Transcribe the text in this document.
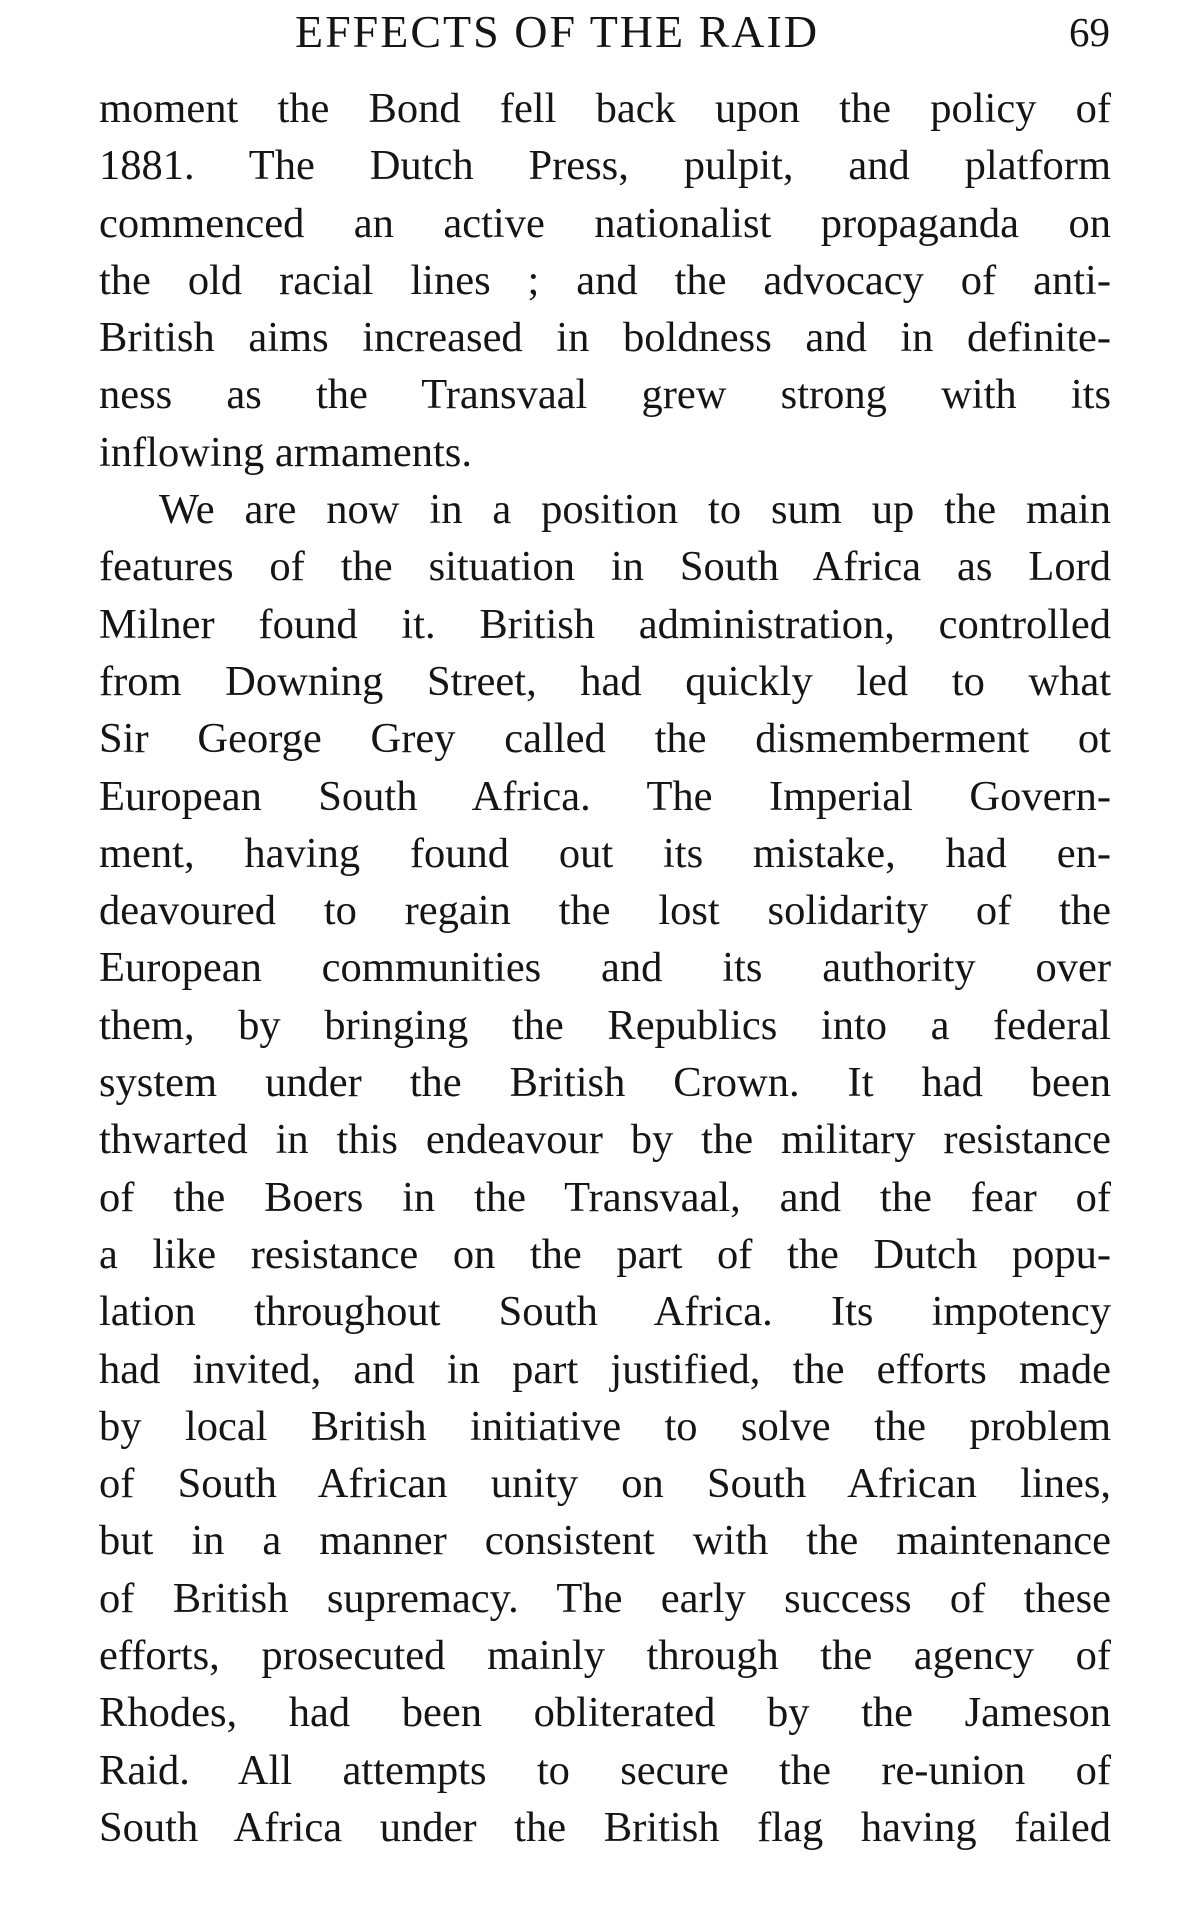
EFFECTS OF THE RAID	69
moment the Bond fell back upon the policy of
1881. The Dutch Press, pulpit, and platform
commenced an active nationalist propaganda on
the old racial lines ; and the advocacy of anti-
British aims increased in boldness and in definite-
ness as the Transvaal grew strong with its
inflowing armaments.
We are now in a position to sum up the main
features of the situation in South Africa as Lord
Milner found it. British administration, controlled
from Downing Street, had quickly led to what
Sir George Grey called the dismemberment ot
European South Africa. The Imperial Govern-
ment, having found out its mistake, had en-
deavoured to regain the lost solidarity of the
European communities and its authority over
them, by bringing the Republics into a federal
system under the British Crown. It had been
thwarted in this endeavour by the military resistance
of the Boers in the Transvaal, and the fear of
a like resistance on the part of the Dutch popu-
lation throughout South Africa. Its impotency
had invited, and in part justified, the efforts made
by local British initiative to solve the problem
of South African unity on South African lines,
but in a manner consistent with the maintenance
of British supremacy. The early success of these
efforts, prosecuted mainly through the agency of
Rhodes, had been obliterated by the Jameson
Raid. All attempts to secure the re-union of
South Africa under the British flag having failed
